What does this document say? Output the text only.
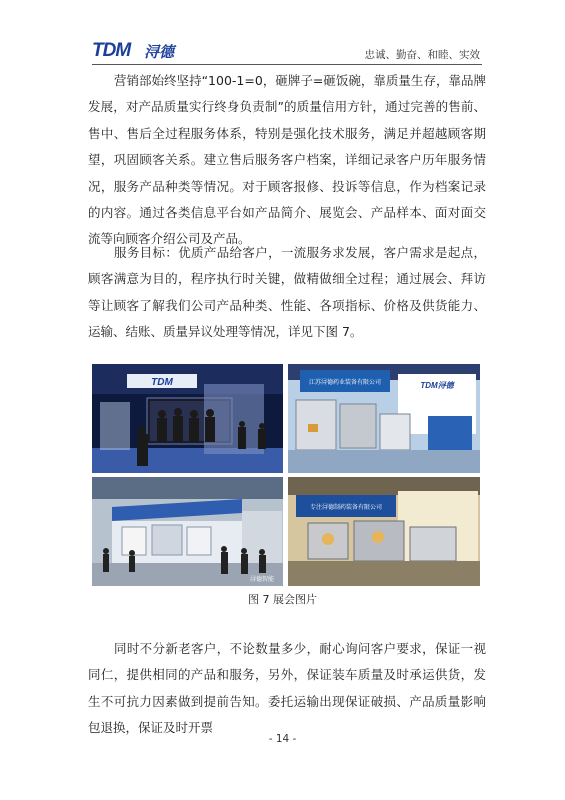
TDM 浔德	忠诚、勤奋、和睦、实效

营销部始终坚持“100-1=0，砸牌子=砸饭碗，靠质量生存，靠品牌发展，对产品质量实行终身负责制”的质量信用方针，通过完善的售前、售中、售后全过程服务体系，特别是强化技术服务，满足并超越顾客期望，巩固顾客关系。建立售后服务客户档案，详细记录客户历年服务情况，服务产品种类等情况。对于顾客报修、投诉等信息，作为档案记录的内容。通过各类信息平台如产品简介、展览会、产品样本、面对面交流等向顾客介绍公司及产品。

服务目标：优质产品给客户，一流服务求发展，客户需求是起点，顾客满意为目的，程序执行时关键，做精做细全过程；通过展会、拜访等让顾客了解我们公司产品种类、性能、各项指标、价格及供货能力、运输、结账、质量异议处理等情况，详见下图 7。

TDM	江苏浔德药业装备有限公司	TDM浔德
浔德智能
专注浔德制药装备有限公司
图 7 展会图片

同时不分新老客户，不论数量多少，耐心询问客户要求，保证一视同仁，提供相同的产品和服务，另外，保证装车质量及时承运供货，发生不可抗力因素做到提前告知。委托运输出现保证破损、产品质量影响包退换，保证及时开票

- 14 -
